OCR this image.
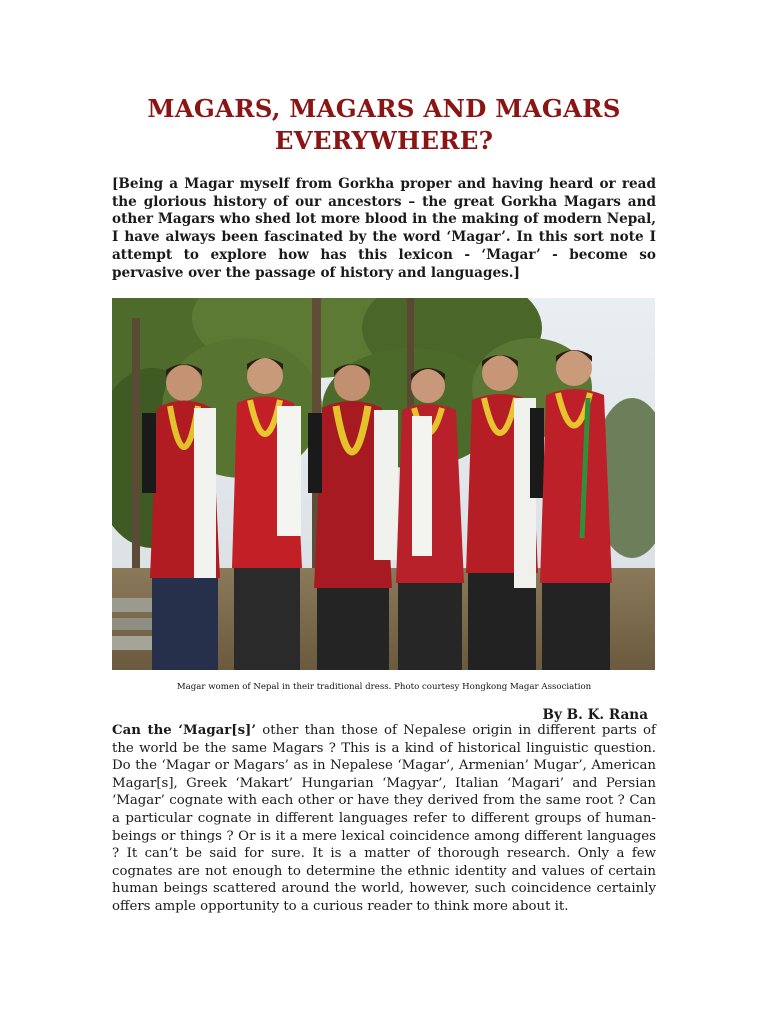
MAGARS, MAGARS AND MAGARS
EVERYWHERE?

[Being a Magar myself from Gorkha proper and having heard or read the glorious history of our ancestors – the great Gorkha Magars and other Magars who shed lot more blood in the making of modern Nepal, I have always been fascinated by the word ‘Magar’. In this sort note I attempt to explore how has this lexicon - ‘Magar’ - become so pervasive over the passage of history and languages.]

Magar women of Nepal in their traditional dress. Photo courtesy Hongkong Magar Association
By B. K. Rana

Can the ‘Magar[s]’ other than those of Nepalese origin in different parts of the world be the same Magars ? This is a kind of historical linguistic question. Do the ‘Magar or Magars’ as in Nepalese ‘Magar’, Armenian’ Mugar’, American Magar[s], Greek ‘Makart’ Hungarian ‘Magyar’, Italian ‘Magari’ and Persian ‘Magar’ cognate with each other or have they derived from the same root ? Can a particular cognate in different languages refer to different groups of human-beings or things ? Or is it a mere lexical coincidence among different languages ? It can’t be said for sure. It is a matter of thorough research. Only a few cognates are not enough to determine the ethnic identity and values of certain human beings scattered around the world, however, such coincidence certainly offers ample opportunity to a curious reader to think more about it.
